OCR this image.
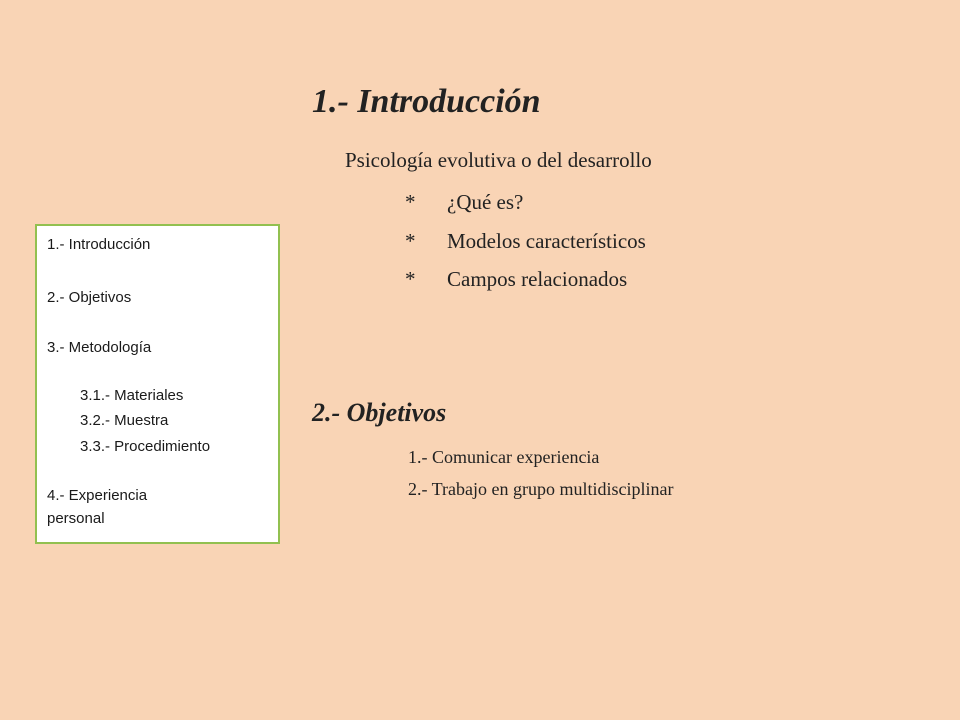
1.- Introducción
2.- Objetivos
3.- Metodología
3.1.- Materiales
3.2.- Muestra
3.3.- Procedimiento
4.- Experiencia
personal
1.- Introducción
Psicología evolutiva o del desarrollo
* ¿Qué es?
* Modelos característicos
* Campos relacionados
2.- Objetivos
1.- Comunicar experiencia
2.- Trabajo en grupo multidisciplinar
